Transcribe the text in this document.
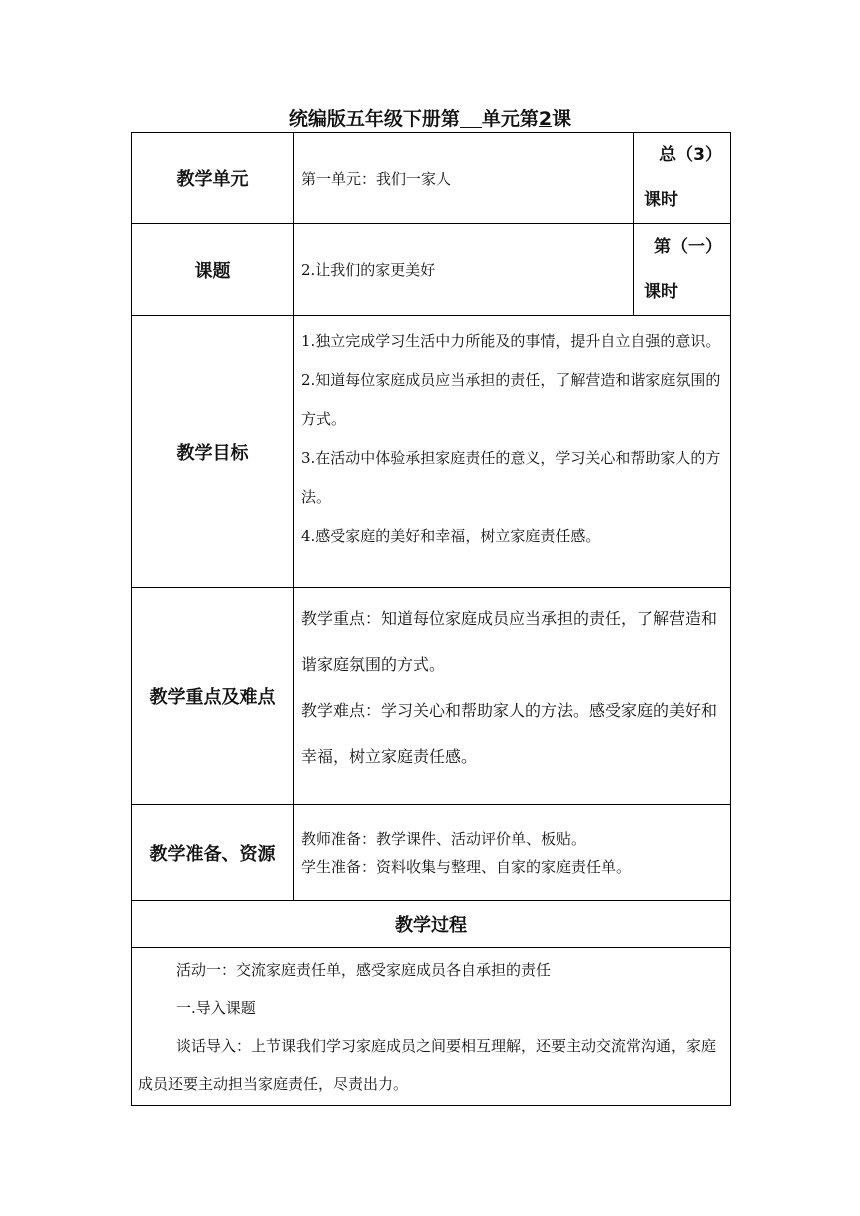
统编版五年级下册第 单元第2课
教学单元	第一单元：我们一家人	总（3）
课时
课题	2.让我们的家更美好	第（一）
课时
教学目标	1.独立完成学习生活中力所能及的事情，提升自立自强的意识。

2.知道每位家庭成员应当承担的责任，了解营造和谐家庭氛围的方式。

3.在活动中体验承担家庭责任的意义，学习关心和帮助家人的方法。

4.感受家庭的美好和幸福，树立家庭责任感。	

教学重点及难点	教学重点：知道每位家庭成员应当承担的责任，了解营造和谐家庭氛围的方式。

教学难点：学习关心和帮助家人的方法。感受家庭的美好和幸福，树立家庭责任感。	

教学准备、资源	教师准备：教学课件、活动评价单、板贴。

学生准备：资料收集与整理、自家的家庭责任单。	

教学过程		

活动一：交流家庭责任单，感受家庭成员各自承担的责任

一.导入课题

谈话导入：上节课我们学习家庭成员之间要相互理解，还要主动交流常沟通，家庭成员还要主动担当家庭责任，尽责出力。		
